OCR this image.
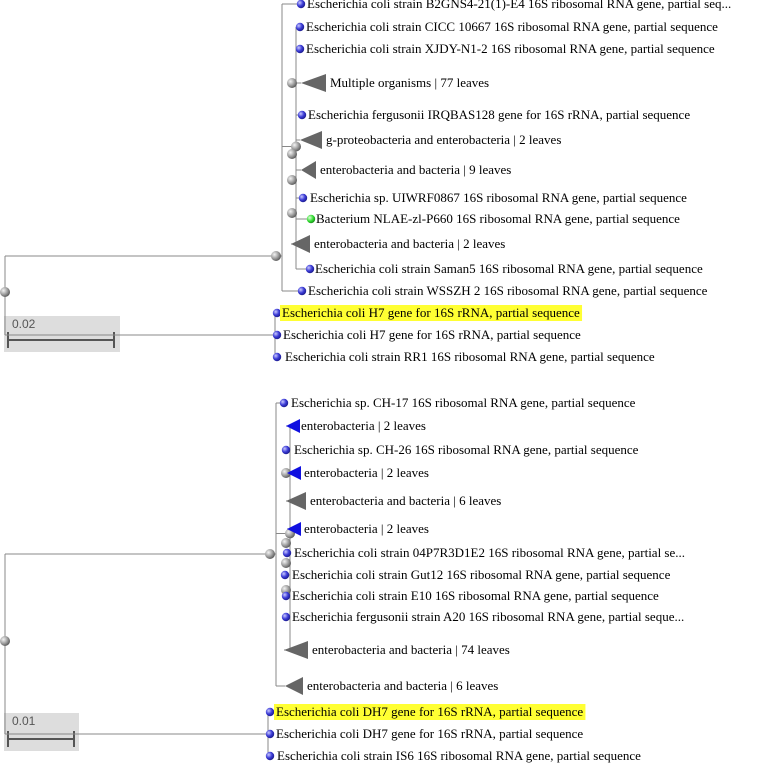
0.02
Escherichia coli strain B2GNS4-21(1)-E4 16S ribosomal RNA gene, partial seq...
Escherichia coli strain CICC 10667 16S ribosomal RNA gene, partial sequence
Escherichia coli strain XJDY-N1-2 16S ribosomal RNA gene, partial sequence
Multiple organisms | 77 leaves
Escherichia fergusonii IRQBAS128 gene for 16S rRNA, partial sequence
g-proteobacteria and enterobacteria | 2 leaves
enterobacteria and bacteria | 9 leaves
Escherichia sp. UIWRF0867 16S ribosomal RNA gene, partial sequence
Bacterium NLAE-zl-P660 16S ribosomal RNA gene, partial sequence
enterobacteria and bacteria | 2 leaves
Escherichia coli strain Saman5 16S ribosomal RNA gene, partial sequence
Escherichia coli strain WSSZH 2 16S ribosomal RNA gene, partial sequence
Escherichia coli H7 gene for 16S rRNA, partial sequence
Escherichia coli H7 gene for 16S rRNA, partial sequence
Escherichia coli strain RR1 16S ribosomal RNA gene, partial sequence
0.01
Escherichia sp. CH-17 16S ribosomal RNA gene, partial sequence
enterobacteria | 2 leaves
Escherichia sp. CH-26 16S ribosomal RNA gene, partial sequence
enterobacteria | 2 leaves
enterobacteria and bacteria | 6 leaves
enterobacteria | 2 leaves
Escherichia coli strain 04P7R3D1E2 16S ribosomal RNA gene, partial se...
Escherichia coli strain Gut12 16S ribosomal RNA gene, partial sequence
Escherichia coli strain E10 16S ribosomal RNA gene, partial sequence
Escherichia fergusonii strain A20 16S ribosomal RNA gene, partial seque...
enterobacteria and bacteria | 74 leaves
enterobacteria and bacteria | 6 leaves
Escherichia coli DH7 gene for 16S rRNA, partial sequence
Escherichia coli DH7 gene for 16S rRNA, partial sequence
Escherichia coli strain IS6 16S ribosomal RNA gene, partial sequence
